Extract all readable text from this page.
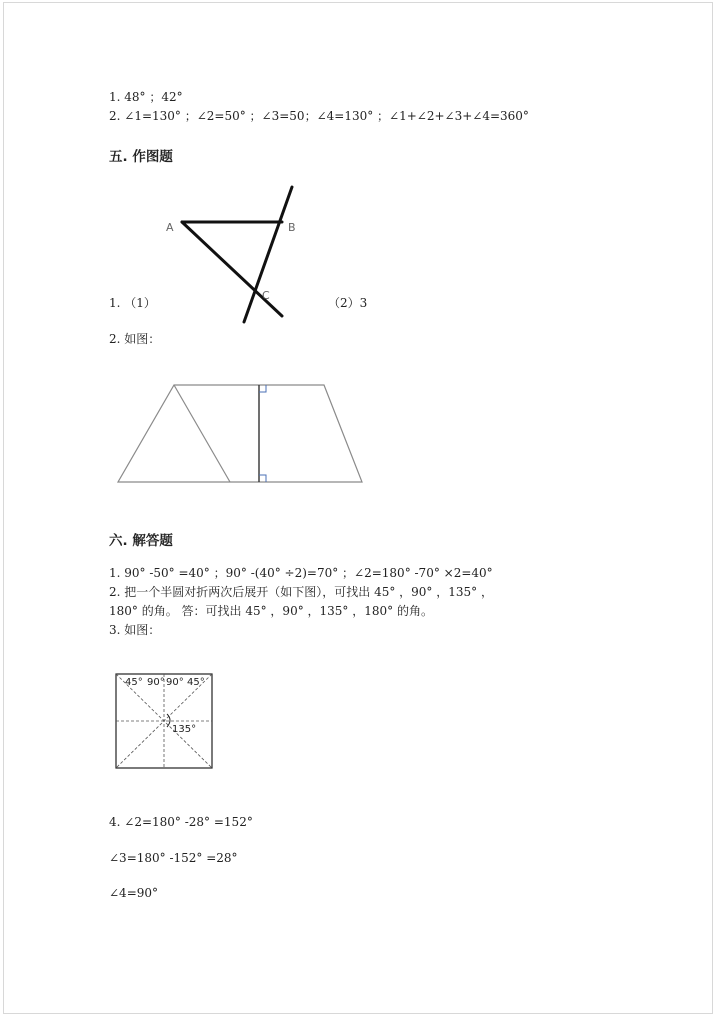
1. 48° ；42°
2. ∠1=130° ；∠2=50° ；∠3=50；∠4=130° ；∠1+∠2+∠3+∠4=360°
五. 作图题
A	B
C
1. （1）	（2）3
2. 如图：
六. 解答题
1. 90° -50° =40° ；90° -(40° ÷2)=70° ；∠2=180° -70° ×2=40°
2. 把一个半圆对折两次后展开（如下图），可找出 45° ，90° ，135° ，
180° 的角。 答：可找出 45° ，90° ，135° ，180° 的角。
3. 如图：
45° 90° 90° 45°
135°
4. ∠2=180° -28° =152°
∠3=180° -152° =28°
∠4=90°
